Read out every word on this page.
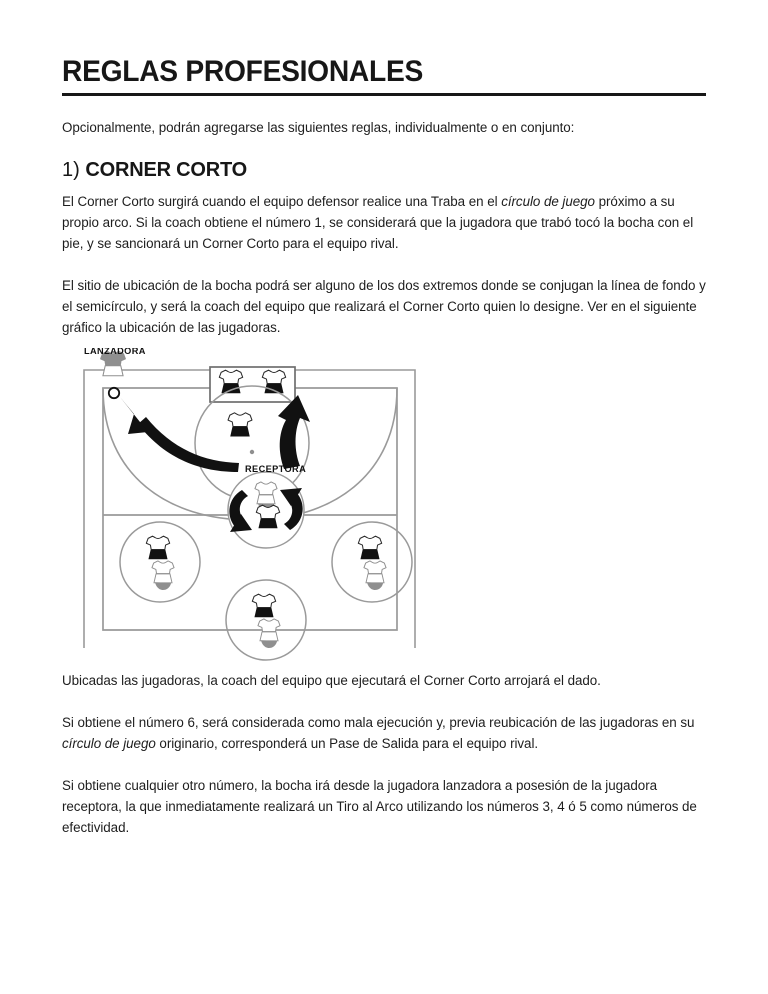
REGLAS PROFESIONALES

Opcionalmente, podrán agregarse las siguientes reglas, individualmente o en conjunto:

1) CORNER CORTO

El Corner Corto surgirá cuando el equipo defensor realice una Traba en el círculo de juego próximo a su propio arco. Si la coach obtiene el número 1, se considerará que la jugadora que trabó tocó la bocha con el pie, y se sancionará un Corner Corto para el equipo rival.

El sitio de ubicación de la bocha podrá ser alguno de los dos extremos donde se conjugan la línea de fondo y el semicírculo, y será la coach del equipo que realizará el Corner Corto quien lo designe. Ver en el siguiente gráfico la ubicación de las jugadoras.

LANZADORA
RECEPTORA

Ubicadas las jugadoras, la coach del equipo que ejecutará el Corner Corto arrojará el dado.

Si obtiene el número 6, será considerada como mala ejecución y, previa reubicación de las jugadoras en su círculo de juego originario, corresponderá un Pase de Salida para el equipo rival.

Si obtiene cualquier otro número, la bocha irá desde la jugadora lanzadora a posesión de la jugadora receptora, la que inmediatamente realizará un Tiro al Arco utilizando los números 3, 4 ó 5 como números de efectividad.
